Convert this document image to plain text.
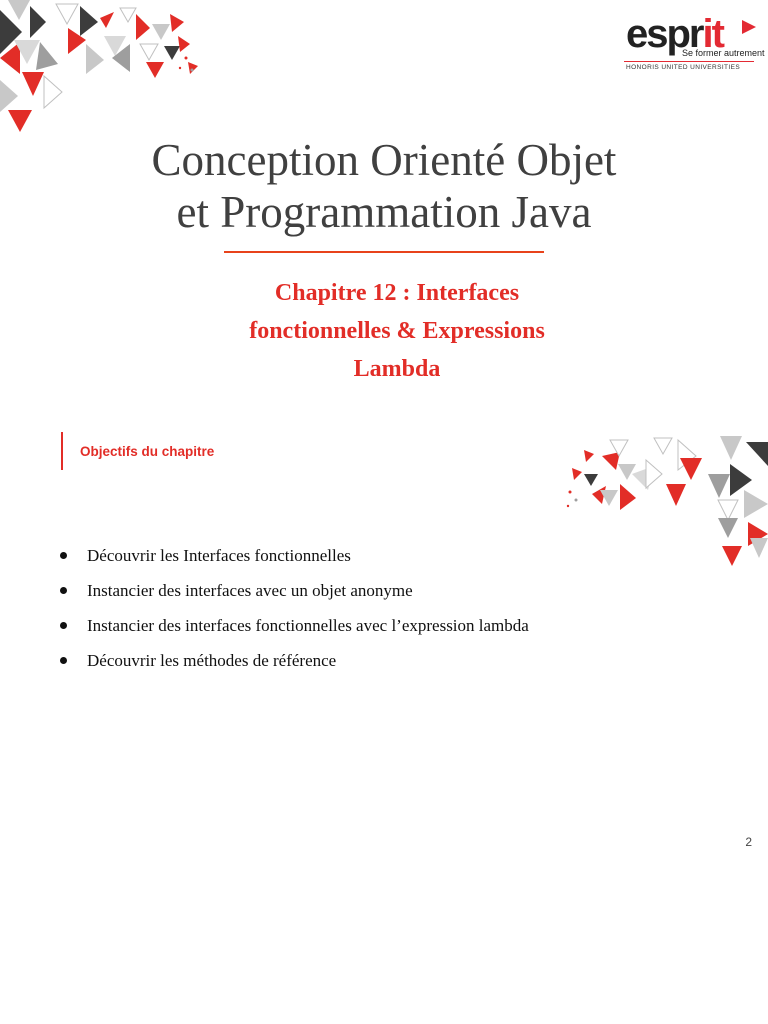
esprit
Se former autrement
HONORIS UNITED UNIVERSITIES
Conception Orienté Objet
et Programmation Java
Chapitre 12 : Interfaces
fonctionnelles & Expressions
Lambda
Objectifs du chapitre
Découvrir les Interfaces fonctionnelles
Instancier des interfaces avec un objet anonyme
Instancier des interfaces fonctionnelles avec l’expression lambda
Découvrir les méthodes de référence
2
